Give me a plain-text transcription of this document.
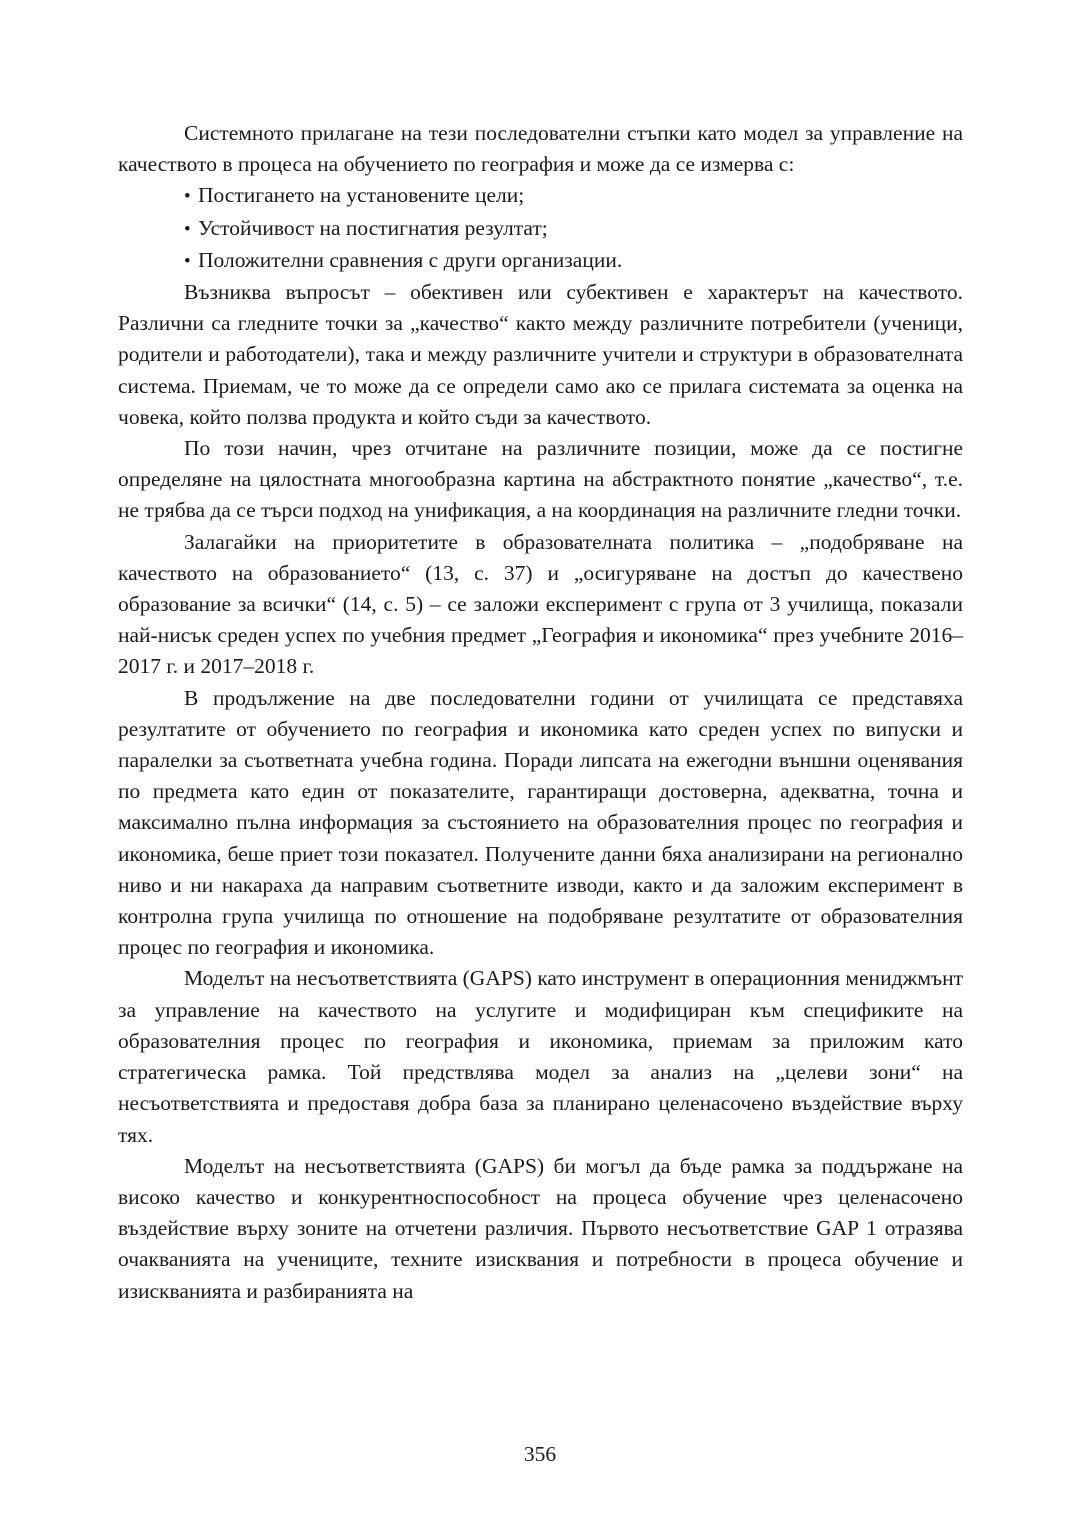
Системното прилагане на тези последователни стъпки като модел за управление на качеството в процеса на обучението по география и може да се измерва с:

• Постигането на установените цели;
• Устойчивост на постигнатия резултат;
• Положителни сравнения с други организации.

Възниква въпросът – обективен или субективен е характерът на качеството. Различни са гледните точки за „качество“ както между различните потребители (ученици, родители и работодатели), така и между различните учители и структури в образователната система. Приемам, че то може да се определи само ако се прилага системата за оценка на човека, който ползва продукта и който съди за качеството.

По този начин, чрез отчитане на различните позиции, може да се постигне определяне на цялостната многообразна картина на абстрактното понятие „качество“, т.е. не трябва да се търси подход на унификация, а на координация на различните гледни точки.

Залагайки на приоритетите в образователната политика – „подобряване на качеството на образованието“ (13, с. 37) и „осигуряване на достъп до качествено образование за всички“ (14, с. 5) – се заложи експеримент с група от 3 училища, показали най-нисък среден успех по учебния предмет „География и икономика“ през учебните 2016–2017 г. и 2017–2018 г.

В продължение на две последователни години от училищата се представяха резултатите от обучението по география и икономика като среден успех по випуски и паралелки за съответната учебна година. Поради липсата на ежегодни външни оценявания по предмета като един от показателите, гарантиращи достоверна, адекватна, точна и максимално пълна информация за състоянието на образователния процес по география и икономика, беше приет този показател. Получените данни бяха анализирани на регионално ниво и ни накараха да направим съответните изводи, както и да заложим експеримент в контролна група училища по отношение на подобряване резултатите от образователния процес по география и икономика.

Моделът на несъответствията (GAPS) като инструмент в операционния мениджмънт за управление на качеството на услугите и модифициран към спецификите на образователния процес по география и икономика, приемам за приложим като стратегическа рамка. Той предствлява модел за анализ на „целеви зони“ на несъответствията и предоставя добра база за планирано целенасочено въздействие върху тях.

Моделът на несъответствията (GAPS) би могъл да бъде рамка за поддържане на високо качество и конкурентноспособност на процеса обучение чрез целенасочено въздействие върху зоните на отчетени различия. Първото несъответствие GAP 1 отразява очакванията на учениците, техните изисквания и потребности в процеса обучение и изискванията и разбиранията на

356
